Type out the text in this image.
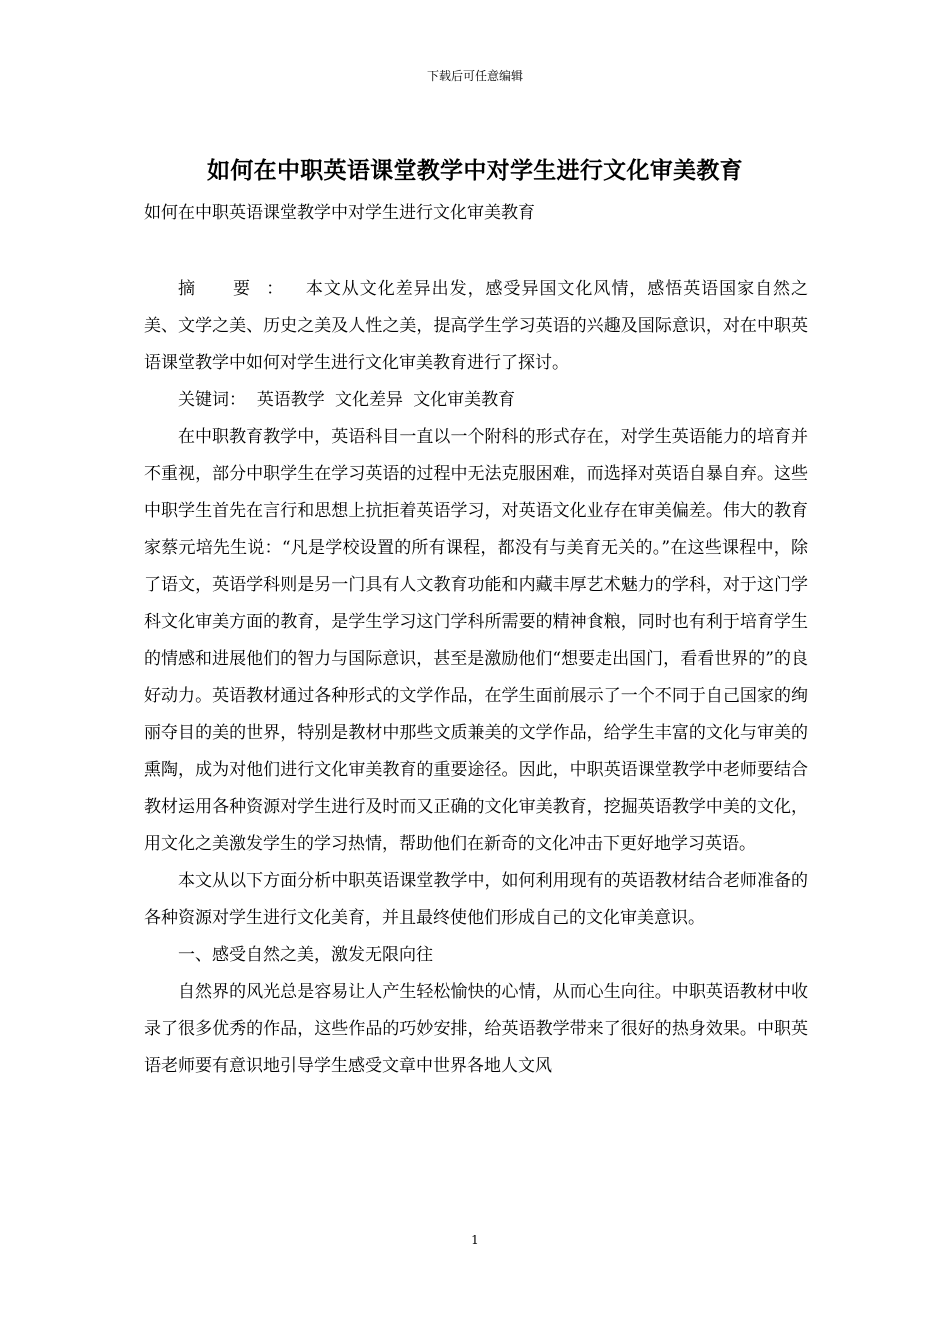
下载后可任意编辑
如何在中职英语课堂教学中对学生进行文化审美教育
如何在中职英语课堂教学中对学生进行文化审美教育

摘 要： 本文从文化差异出发，感受异国文化风情，感悟英语国家自然之美、文学之美、历史之美及人性之美，提高学生学习英语的兴趣及国际意识，对在中职英语课堂教学中如何对学生进行文化审美教育进行了探讨。

关键词： 英语教学 文化差异 文化审美教育

在中职教育教学中，英语科目一直以一个附科的形式存在，对学生英语能力的培育并不重视，部分中职学生在学习英语的过程中无法克服困难，而选择对英语自暴自弃。这些中职学生首先在言行和思想上抗拒着英语学习，对英语文化业存在审美偏差。伟大的教育家蔡元培先生说：“凡是学校设置的所有课程，都没有与美育无关的。”在这些课程中，除了语文，英语学科则是另一门具有人文教育功能和内藏丰厚艺术魅力的学科，对于这门学科文化审美方面的教育，是学生学习这门学科所需要的精神食粮，同时也有利于培育学生的情感和进展他们的智力与国际意识，甚至是激励他们“想要走出国门，看看世界的”的良好动力。英语教材通过各种形式的文学作品，在学生面前展示了一个不同于自己国家的绚丽夺目的美的世界，特别是教材中那些文质兼美的文学作品，给学生丰富的文化与审美的熏陶，成为对他们进行文化审美教育的重要途径。因此，中职英语课堂教学中老师要结合教材运用各种资源对学生进行及时而又正确的文化审美教育，挖掘英语教学中美的文化，用文化之美激发学生的学习热情，帮助他们在新奇的文化冲击下更好地学习英语。

本文从以下方面分析中职英语课堂教学中，如何利用现有的英语教材结合老师准备的各种资源对学生进行文化美育，并且最终使他们形成自己的文化审美意识。

一、感受自然之美，激发无限向往

自然界的风光总是容易让人产生轻松愉快的心情，从而心生向往。中职英语教材中收录了很多优秀的作品，这些作品的巧妙安排，给英语教学带来了很好的热身效果。中职英语老师要有意识地引导学生感受文章中世界各地人文风

1
